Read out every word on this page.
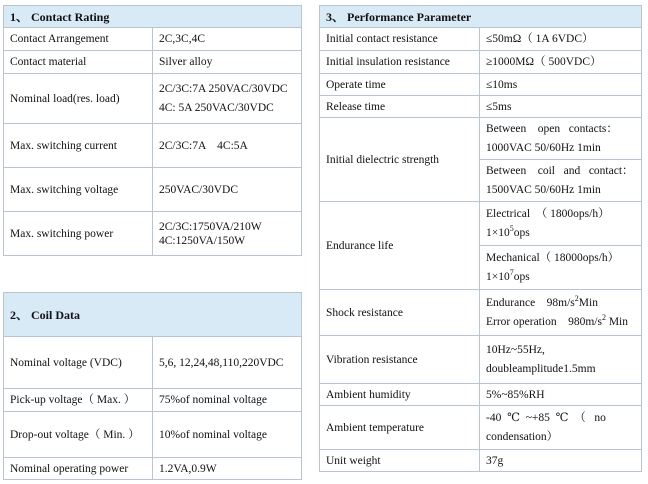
1、 Contact Rating	
Contact Arrangement	2C,3C,4C
Contact material	Silver alloy
Nominal load(res. load)	2C/3C:7A 250VAC/30VDC
4C: 5A 250VAC/30VDC

Max. switching current	2C/3C:7A    4C:5A
Max. switching voltage	250VAC/30VDC
Max. switching power	2C/3C:1750VA/210W
4C:1250VA/150W
2、 Coil Data	
Nominal voltage (VDC)	5,6, 12,24,48,110,220VDC
Pick-up voltage（ Max. ）	75%of nominal voltage
Drop-out voltage（ Min. ）	10%of nominal voltage
Nominal operating power	1.2VA,0.9W
3、 Performance Parameter	
Initial contact resistance	≤50mΩ（ 1A 6VDC）
Initial insulation resistance	≥1000MΩ（ 500VDC）
Operate time	≤10ms
Release time	≤5ms
Initial dielectric strength	Between    open   contacts：
1000VAC 50/60Hz 1min

	Between    coil   and   contact：
1500VAC 50/60Hz 1min

Endurance life	Electrical  （ 1800ops/h）
$1\times 10^5ops$

	Mechanical（ 18000ops/h）
$1\times 10^7ops$

Shock resistance	Endurance    $98m/s^2Min$
Error operation    $980m/s^2$ Min

Vibration resistance	10Hz~55Hz,
doubleamplitude1.5mm

Ambient humidity	5%~85%RH
Ambient temperature	-40  ℃  ~+85  ℃  （   no
condensation）

Unit weight	37g
